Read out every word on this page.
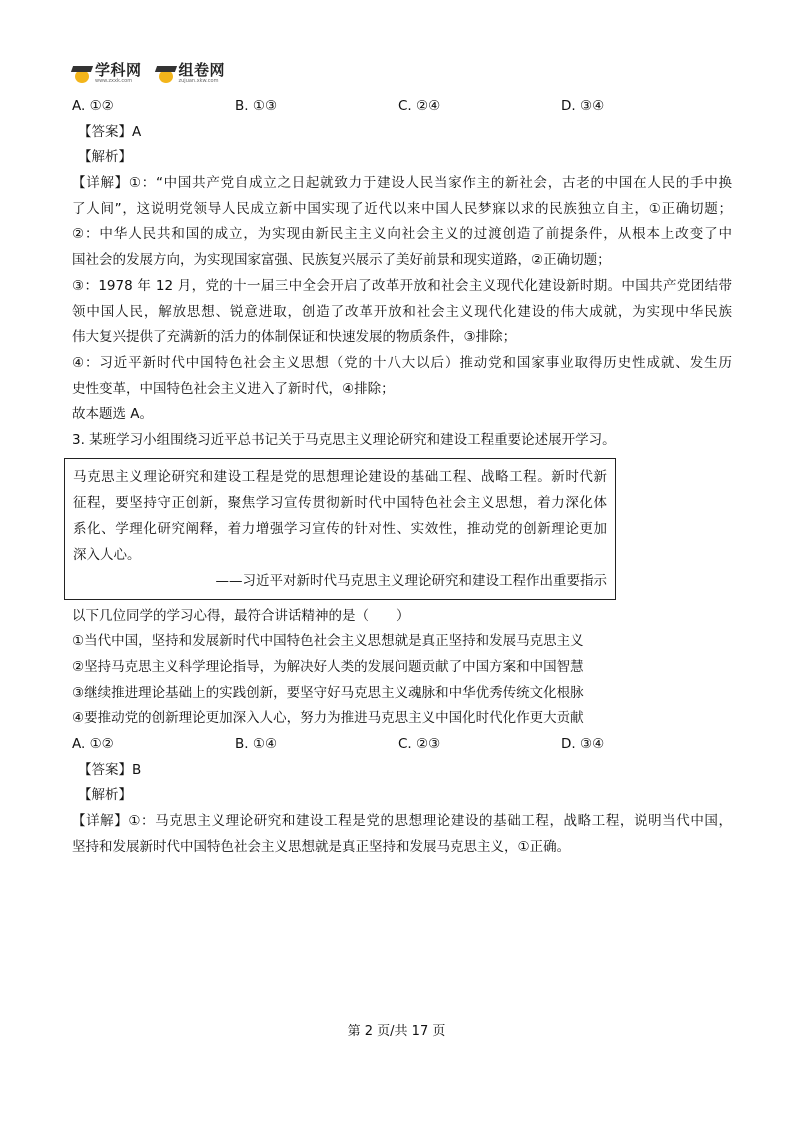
学科网
www.zxxk.com
组卷网
zujuan.xkw.com
A. ①②	B. ①③	C. ②④	D. ③④
【答案】A
【解析】
【详解】①：“中国共产党自成立之日起就致力于建设人民当家作主的新社会，古老的中国在人民的手中换
了人间”，这说明党领导人民成立新中国实现了近代以来中国人民梦寐以求的民族独立自主，①正确切题；
②：中华人民共和国的成立，为实现由新民主主义向社会主义的过渡创造了前提条件，从根本上改变了中
国社会的发展方向，为实现国家富强、民族复兴展示了美好前景和现实道路，②正确切题；
③：1978 年 12 月，党的十一届三中全会开启了改革开放和社会主义现代化建设新时期。中国共产党团结带
领中国人民，解放思想、锐意进取，创造了改革开放和社会主义现代化建设的伟大成就，为实现中华民族
伟大复兴提供了充满新的活力的体制保证和快速发展的物质条件，③排除；
④：习近平新时代中国特色社会主义思想（党的十八大以后）推动党和国家事业取得历史性成就、发生历
史性变革，中国特色社会主义进入了新时代，④排除；
故本题选 A。
3. 某班学习小组围绕习近平总书记关于马克思主义理论研究和建设工程重要论述展开学习。
马克思主义理论研究和建设工程是党的思想理论建设的基础工程、战略工程。新时代新
征程，要坚持守正创新，聚焦学习宣传贯彻新时代中国特色社会主义思想，着力深化体
系化、学理化研究阐释，着力增强学习宣传的针对性、实效性，推动党的创新理论更加
深入人心。
——习近平对新时代马克思主义理论研究和建设工程作出重要指示
以下几位同学的学习心得，最符合讲话精神的是（　　）
①当代中国，坚持和发展新时代中国特色社会主义思想就是真正坚持和发展马克思主义
②坚持马克思主义科学理论指导，为解决好人类的发展问题贡献了中国方案和中国智慧
③继续推进理论基础上的实践创新，要坚守好马克思主义魂脉和中华优秀传统文化根脉
④要推动党的创新理论更加深入人心，努力为推进马克思主义中国化时代化作更大贡献
A. ①②	B. ①④	C. ②③	D. ③④
【答案】B
【解析】
【详解】①：马克思主义理论研究和建设工程是党的思想理论建设的基础工程，战略工程，说明当代中国，
坚持和发展新时代中国特色社会主义思想就是真正坚持和发展马克思主义，①正确。
第 2 页/共 17 页
